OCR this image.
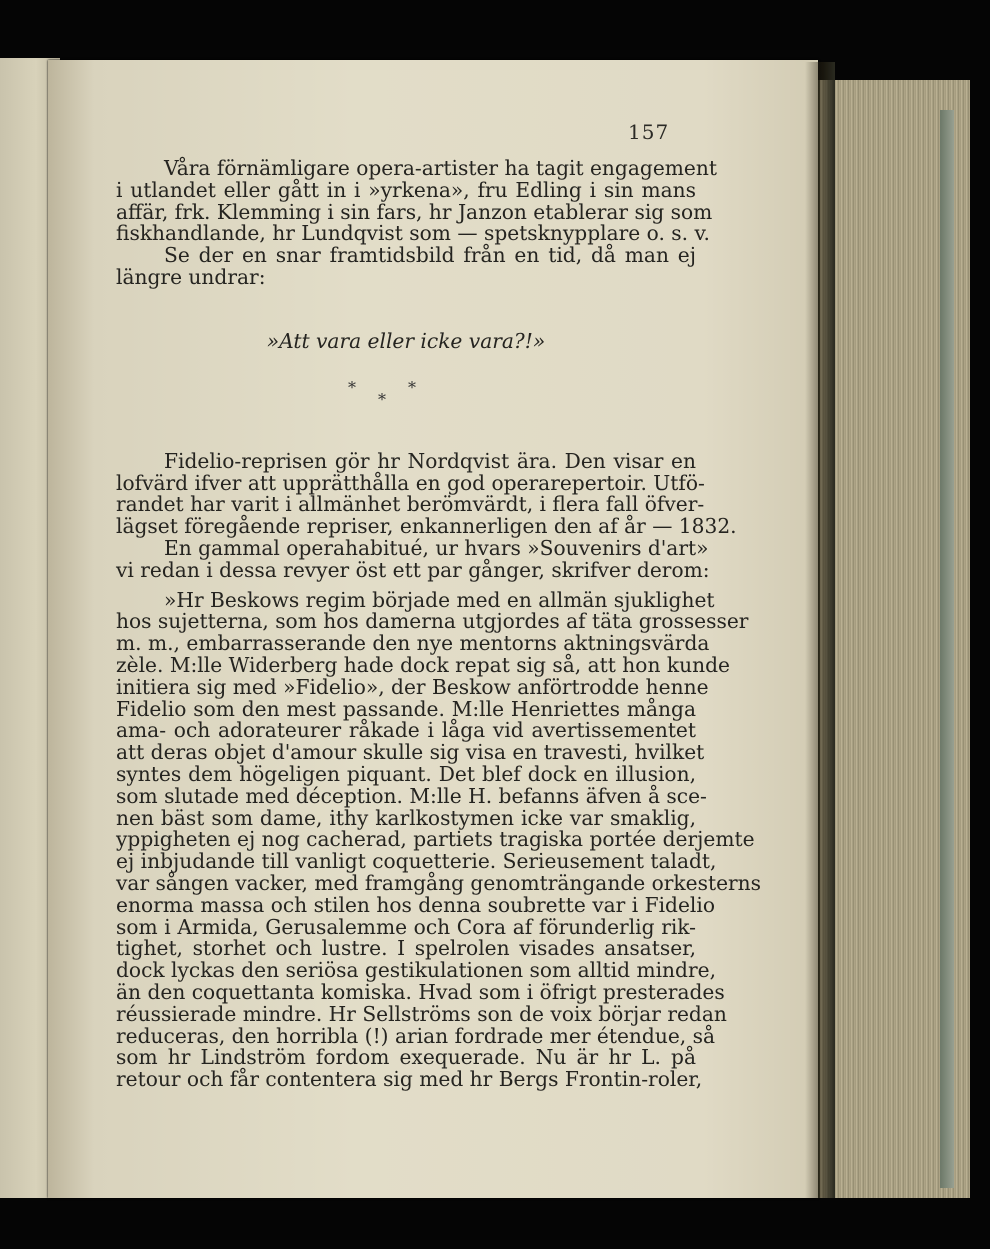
157
Våra förnämligare opera-artister ha tagit engagement
i utlandet eller gått in i »yrkena», fru Edling i sin mans
affär, frk. Klemming i sin fars, hr Janzon etablerar sig som
fiskhandlande, hr Lundqvist som — spetsknypplare o. s. v.
Se der en snar framtidsbild från en tid, då man ej
längre undrar:
»Att vara eller icke vara?!»
*
*
*
Fidelio-reprisen gör hr Nordqvist ära. Den visar en
lofvärd ifver att upprätthålla en god operarepertoir. Utfö-
randet har varit i allmänhet berömvärdt, i flera fall öfver-
lägset föregående repriser, enkannerligen den af år — 1832.
En gammal operahabitué, ur hvars »Souvenirs d'art»
vi redan i dessa revyer öst ett par gånger, skrifver derom:
»Hr Beskows regim började med en allmän sjuklighet
hos sujetterna, som hos damerna utgjordes af täta grossesser
m. m., embarrasserande den nye mentorns aktningsvärda
zèle. M:lle Widerberg hade dock repat sig så, att hon kunde
initiera sig med »Fidelio», der Beskow anförtrodde henne
Fidelio som den mest passande. M:lle Henriettes många
ama- och adorateurer råkade i låga vid avertissementet
att deras objet d'amour skulle sig visa en travesti, hvilket
syntes dem högeligen piquant. Det blef dock en illusion,
som slutade med déception. M:lle H. befanns äfven å sce-
nen bäst som dame, ithy karlkostymen icke var smaklig,
yppigheten ej nog cacherad, partiets tragiska portée derjemte
ej inbjudande till vanligt coquetterie. Serieusement taladt,
var sången vacker, med framgång genomträngande orkesterns
enorma massa och stilen hos denna soubrette var i Fidelio
som i Armida, Gerusalemme och Cora af förunderlig rik-
tighet, storhet och lustre. I spelrolen visades ansatser,
dock lyckas den seriösa gestikulationen som alltid mindre,
än den coquettanta komiska. Hvad som i öfrigt presterades
réussierade mindre. Hr Sellströms son de voix börjar redan
reduceras, den horribla (!) arian fordrade mer étendue, så
som hr Lindström fordom exequerade. Nu är hr L. på
retour och får contentera sig med hr Bergs Frontin-roler,
